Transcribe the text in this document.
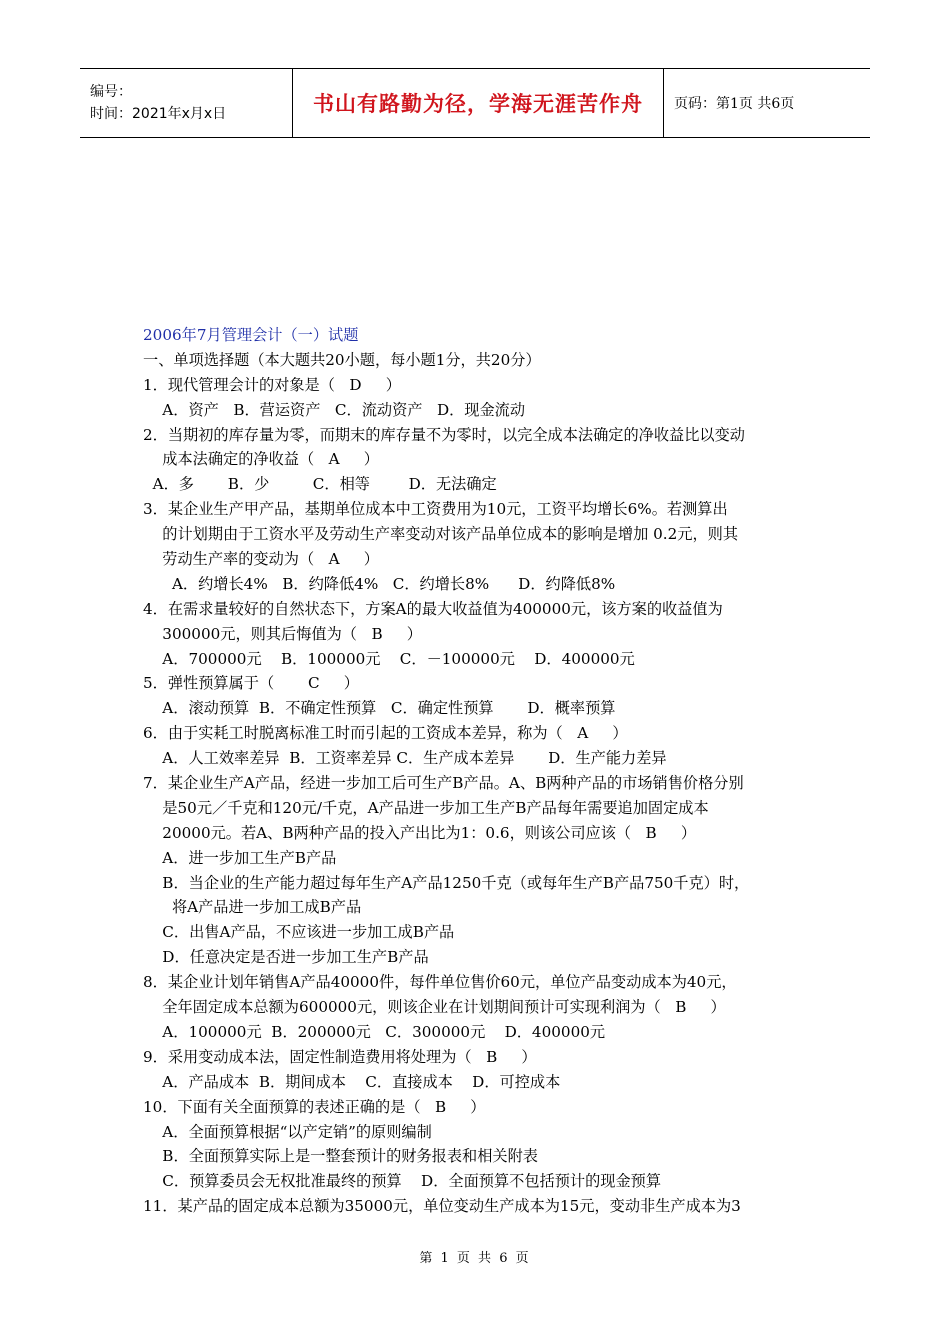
编号：
时间：2021年x月x日	书山有路勤为径，学海无涯苦作舟 页码：第1页 共6页
2006年7月管理会计（一）试题
一、单项选择题（本大题共20小题，每小题1分，共20分）
1．现代管理会计的对象是（   D     ）
A．资产   B．营运资产   C．流动资产   D．现金流动
2．当期初的库存量为零，而期末的库存量不为零时，以完全成本法确定的净收益比以变动
成本法确定的净收益（   A     ）
A．多       B．少         C．相等        D．无法确定
3．某企业生产甲产品，基期单位成本中工资费用为10元，工资平均增长6%。若测算出
的计划期由于工资水平及劳动生产率变动对该产品单位成本的影响是增加 0.2元，则其
劳动生产率的变动为（   A     ）
A．约增长4%   B．约降低4%   C．约增长8%      D．约降低8%
4．在需求量较好的自然状态下，方案A的最大收益值为400000元，该方案的收益值为
300000元，则其后悔值为（   B     ）
A．700000元    B．100000元    C．－100000元    D．400000元
5．弹性预算属于（       C     ）
A．滚动预算  B．不确定性预算   C．确定性预算       D．概率预算
6．由于实耗工时脱离标准工时而引起的工资成本差异，称为（   A     ）
A．人工效率差异  B．工资率差异 C．生产成本差异       D．生产能力差异
7．某企业生产A产品，经进一步加工后可生产B产品。A、B两种产品的市场销售价格分别
是50元／千克和120元/千克，A产品进一步加工生产B产品每年需要追加固定成本
20000元。若A、B两种产品的投入产出比为1：0.6，则该公司应该（   B     ）
A．进一步加工生产B产品
B．当企业的生产能力超过每年生产A产品1250千克（或每年生产B产品750千克）时，
将A产品进一步加工成B产品
C．出售A产品，不应该进一步加工成B产品
D．任意决定是否进一步加工生产B产品
8．某企业计划年销售A产品40000件，每件单位售价60元，单位产品变动成本为40元，
全年固定成本总额为600000元，则该企业在计划期间预计可实现利润为（   B     ）
A．100000元  B．200000元   C．300000元    D．400000元
9．采用变动成本法，固定性制造费用将处理为（   B     ）
A．产品成本  B．期间成本    C．直接成本    D．可控成本
10．下面有关全面预算的表述正确的是（   B     ）
A．全面预算根据“以产定销”的原则编制
B．全面预算实际上是一整套预计的财务报表和相关附表
C．预算委员会无权批准最终的预算    D．全面预算不包括预计的现金预算
11．某产品的固定成本总额为35000元，单位变动生产成本为15元，变动非生产成本为3
第 1 页 共 6 页
